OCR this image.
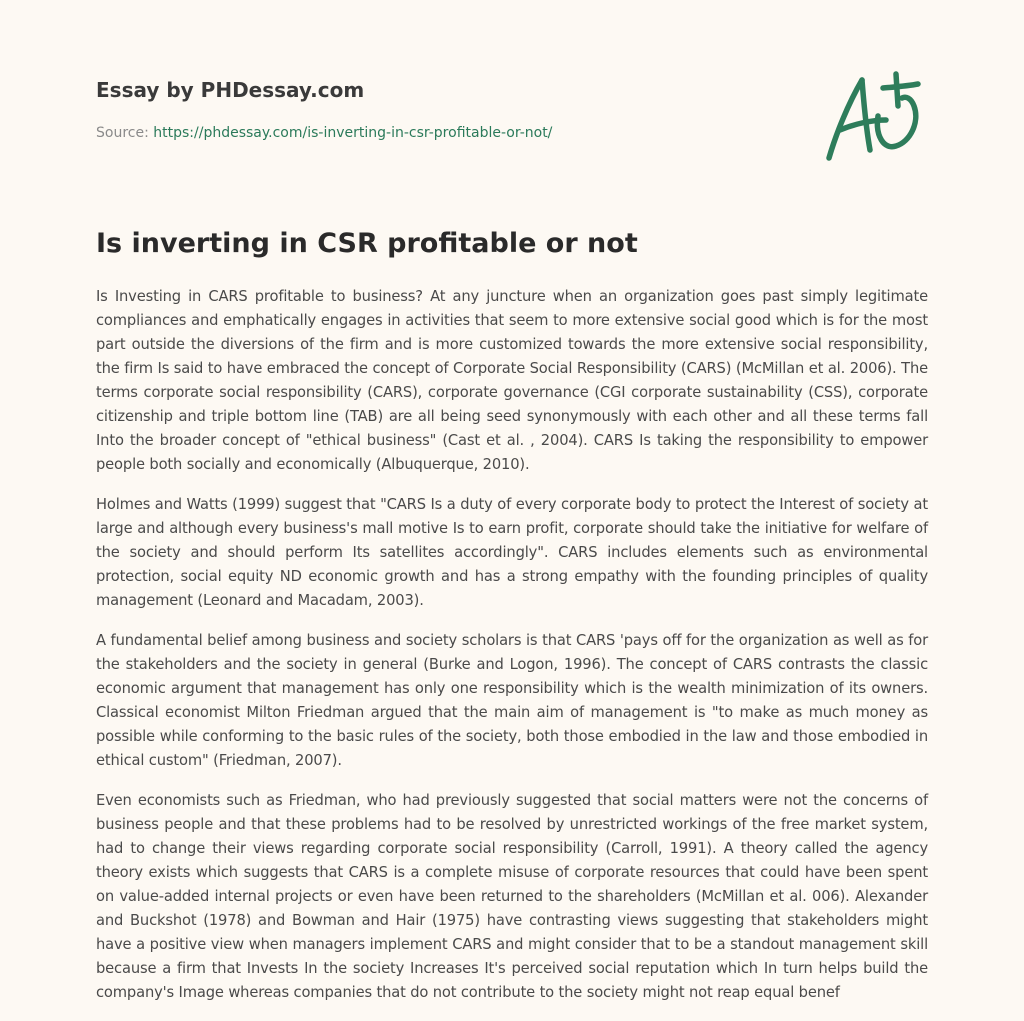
Essay by PHDessay.com
Source: https://phdessay.com/is-inverting-in-csr-profitable-or-not/
Is inverting in CSR profitable or not

Is Investing in CARS profitable to business? At any juncture when an organization goes past simply legitimate compliances and emphatically engages in activities that seem to more extensive social good which is for the most part outside the diversions of the firm and is more customized towards the more extensive social responsibility, the firm Is said to have embraced the concept of Corporate Social Responsibility (CARS) (McMillan et al. 2006). The terms corporate social responsibility (CARS), corporate governance (CGI corporate sustainability (CSS), corporate citizenship and triple bottom line (TAB) are all being seed synonymously with each other and all these terms fall Into the broader concept of "ethical business" (Cast et al. , 2004). CARS Is taking the responsibility to empower people both socially and economically (Albuquerque, 2010).

Holmes and Watts (1999) suggest that "CARS Is a duty of every corporate body to protect the Interest of society at large and although every business's mall motive Is to earn profit, corporate should take the initiative for welfare of the society and should perform Its satellites accordingly". CARS includes elements such as environmental protection, social equity ND economic growth and has a strong empathy with the founding principles of quality management (Leonard and Macadam, 2003).

A fundamental belief among business and society scholars is that CARS 'pays off for the organization as well as for the stakeholders and the society in general (Burke and Logon, 1996). The concept of CARS contrasts the classic economic argument that management has only one responsibility which is the wealth minimization of its owners. Classical economist Milton Friedman argued that the main aim of management is "to make as much money as possible while conforming to the basic rules of the society, both those embodied in the law and those embodied in ethical custom" (Friedman, 2007).

Even economists such as Friedman, who had previously suggested that social matters were not the concerns of business people and that these problems had to be resolved by unrestricted workings of the free market system, had to change their views regarding corporate social responsibility (Carroll, 1991). A theory called the agency theory exists which suggests that CARS is a complete misuse of corporate resources that could have been spent on value-added internal projects or even have been returned to the shareholders (McMillan et al. 006). Alexander and Buckshot (1978) and Bowman and Hair (1975) have contrasting views suggesting that stakeholders might have a positive view when managers implement CARS and might consider that to be a standout management skill because a firm that Invests In the society Increases It's perceived social reputation which In turn helps build the company's Image whereas companies that do not contribute to the society might not reap equal benef
